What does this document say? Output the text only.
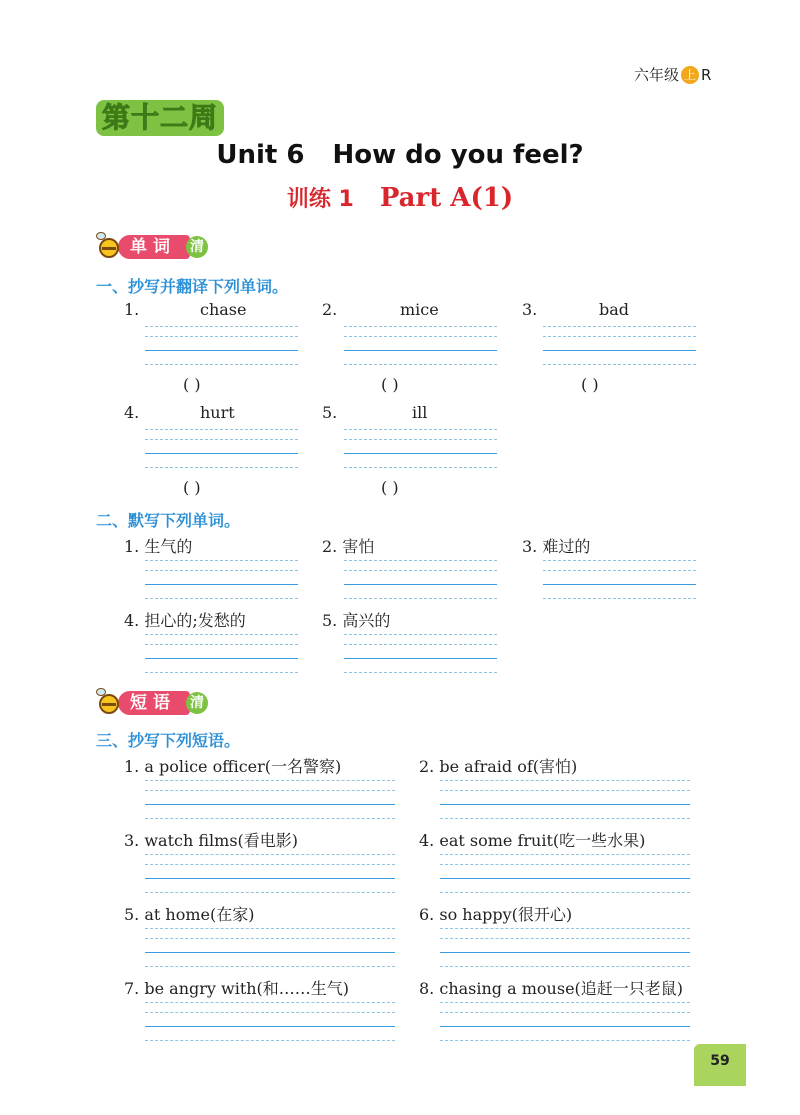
六年级 上 R
第十二周
Unit 6 How do you feel?
训练 1 Part A(1)
单词	清
一、抄写并翻译下列单词。
1.	chase
( )
2.	mice
( )
3.	bad
( )
4.	hurt
( )
5.	ill
( )
二、默写下列单词。
1. 生气的	2. 害怕	3. 难过的
4. 担心的;发愁的	5. 高兴的
短语	清
三、抄写下列短语。
1. a police officer(一名警察)	2. be afraid of(害怕)
3. watch films(看电影)	4. eat some fruit(吃一些水果)
5. at home(在家)	6. so happy(很开心)
7. be angry with(和……生气)	8. chasing a mouse(追赶一只老鼠)
59
